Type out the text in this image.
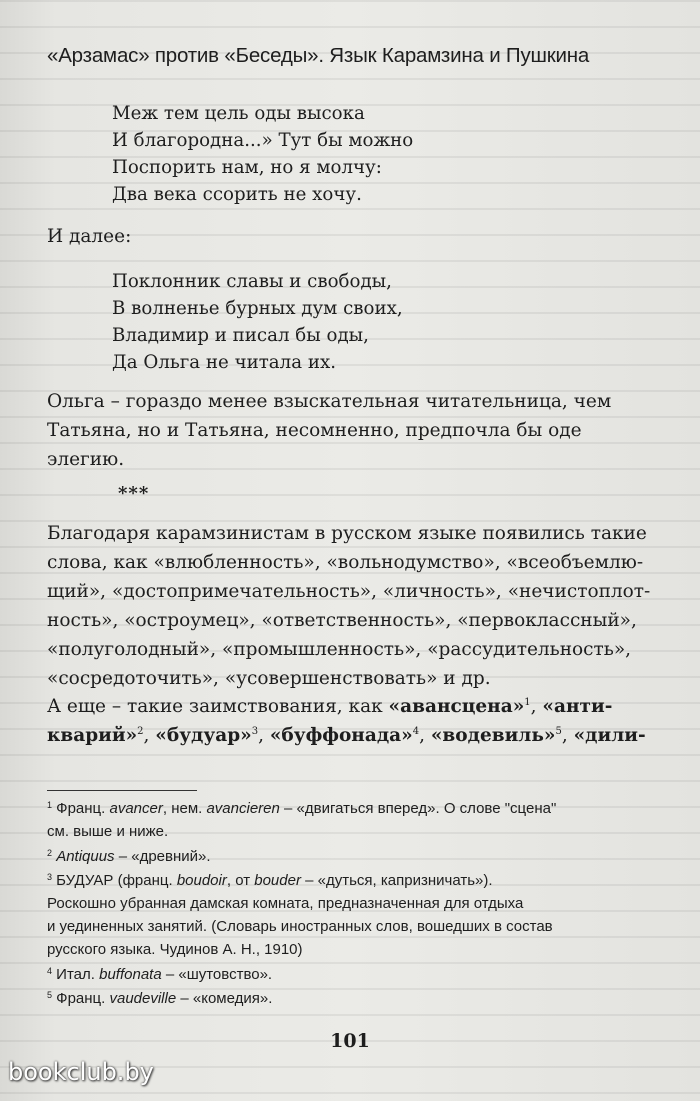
«Арзамас» против «Беседы». Язык Карамзина и Пушкина
Меж тем цель оды высока
И благородна...» Тут бы можно
Поспорить нам, но я молчу:
Два века ссорить не хочу.
И далее:
Поклонник славы и свободы,
В волненье бурных дум своих,
Владимир и писал бы оды,
Да Ольга не читала их.
Ольга – гораздо менее взыскательная читательница, чем
Татьяна, но и Татьяна, несомненно, предпочла бы оде
элегию.
***
Благодаря карамзинистам в русском языке появились такие
слова, как «влюбленность», «вольнодумство», «всеобъемлю-
щий», «достопримечательность», «личность», «нечистоплот-
ность», «остроумец», «ответственность», «первоклассный»,
«полуголодный», «промышленность», «рассудительность»,
«сосредоточить», «усовершенствовать» и др.
А еще – такие заимствования, как «авансцена»$^1$, «анти-
кварий»$^2$, «будуар»$^3$, «буффонада»$^4$, «водевиль»$^5$, «дили-
$^1$ Франц. avancer, нем. avancieren – «двигаться вперед». О слове "сцена"
см. выше и ниже.
$^2$ Antiquus – «древний».
$^3$ БУДУАР (франц. boudoir, от bouder – «дуться, капризничать»).
Роскошно убранная дамская комната, предназначенная для отдыха
и уединенных занятий. (Словарь иностранных слов, вошедших в состав
русского языка. Чудинов А. Н., 1910)
$^4$ Итал. buffonata – «шутовство».
$^5$ Франц. vaudeville – «комедия».
101
bookclub.by
